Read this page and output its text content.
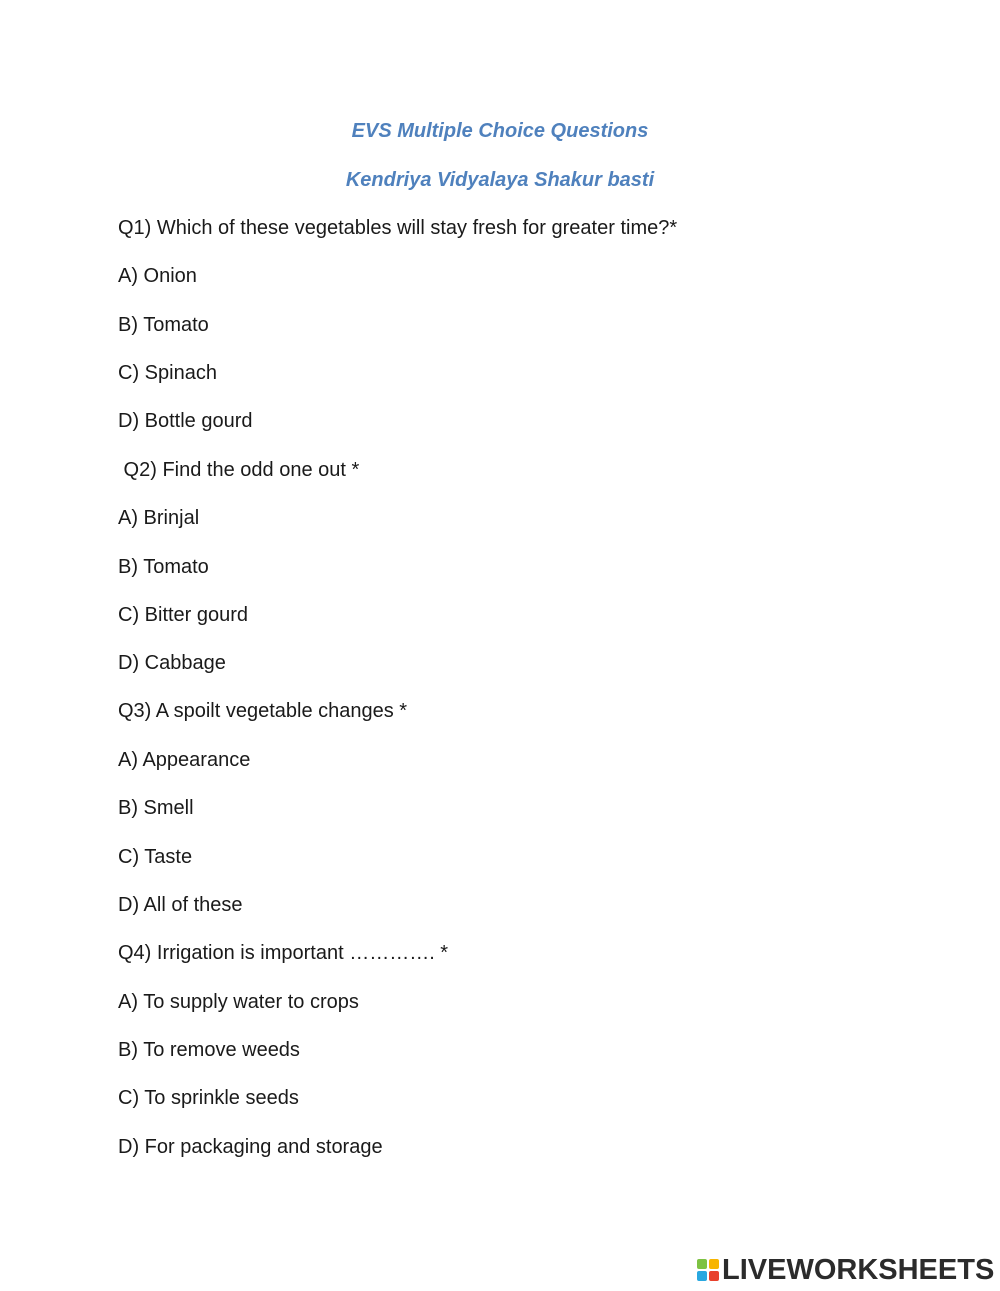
EVS Multiple Choice Questions
Kendriya Vidyalaya Shakur basti

Q1) Which of these vegetables will stay fresh for greater time?*

A) Onion

B) Tomato

C) Spinach

D) Bottle gourd

Q2) Find the odd one out *

A) Brinjal

B) Tomato

C) Bitter gourd

D) Cabbage

Q3) A spoilt vegetable changes *

A) Appearance

B) Smell

C) Taste

D) All of these

Q4) Irrigation is important …………. *

A) To supply water to crops

B) To remove weeds

C) To sprinkle seeds

D) For packaging and storage

LIVEWORKSHEETS
